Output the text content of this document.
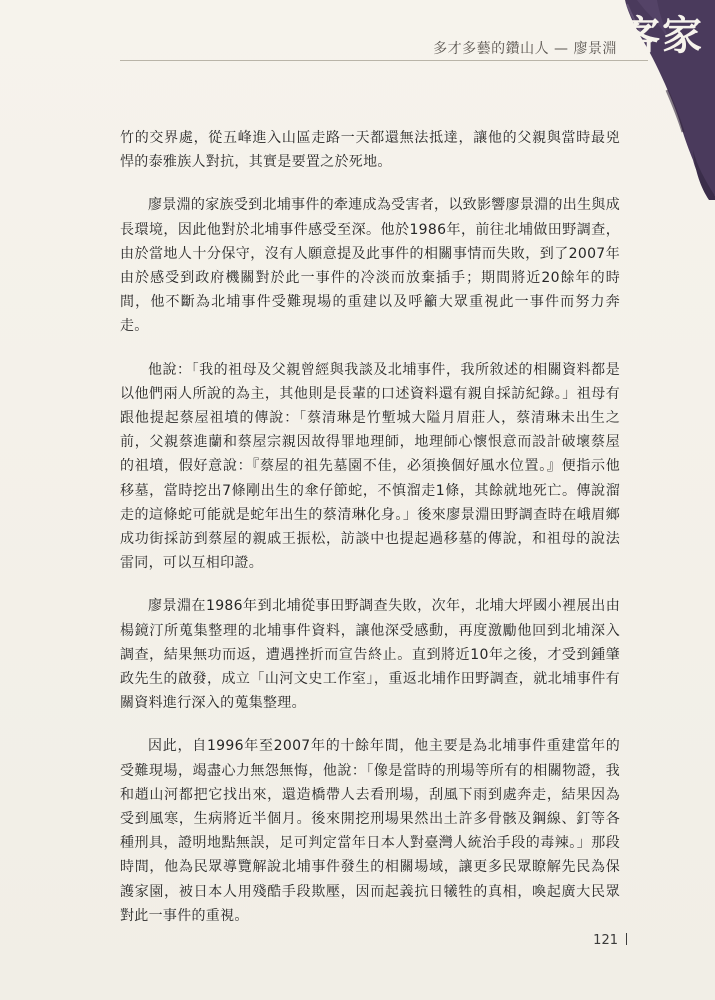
客家
多才多藝的鑽山人 — 廖景淵

竹的交界處，從五峰進入山區走路一天都還無法抵達，讓他的父親與當時最兇悍的泰雅族人對抗，其實是要置之於死地。

廖景淵的家族受到北埔事件的牽連成為受害者，以致影響廖景淵的出生與成長環境，因此他對於北埔事件感受至深。他於1986年，前往北埔做田野調查，由於當地人十分保守，沒有人願意提及此事件的相關事情而失敗，到了2007年由於感受到政府機關對於此一事件的冷淡而放棄插手；期間將近20餘年的時間，他不斷為北埔事件受難現場的重建以及呼籲大眾重視此一事件而努力奔走。

他說：「我的祖母及父親曾經與我談及北埔事件，我所敘述的相關資料都是以他們兩人所說的為主，其他則是長輩的口述資料還有親自採訪紀錄。」祖母有跟他提起蔡屋祖墳的傳說：「蔡清琳是竹塹城大隘月眉莊人，蔡清琳未出生之前，父親蔡進蘭和蔡屋宗親因故得罪地理師，地理師心懷恨意而設計破壞蔡屋的祖墳，假好意說：『蔡屋的祖先墓園不佳，必須換個好風水位置。』便指示他移墓，當時挖出7條剛出生的傘仔節蛇，不慎溜走1條，其餘就地死亡。傳說溜走的這條蛇可能就是蛇年出生的蔡清琳化身。」後來廖景淵田野調查時在峨眉鄉成功街採訪到蔡屋的親戚王振松，訪談中也提起過移墓的傳說，和祖母的說法雷同，可以互相印證。

廖景淵在1986年到北埔從事田野調查失敗，次年，北埔大坪國小裡展出由楊鏡汀所蒐集整理的北埔事件資料，讓他深受感動，再度激勵他回到北埔深入調查，結果無功而返，遭遇挫折而宣告終止。直到將近10年之後，才受到鍾肇政先生的啟發，成立「山河文史工作室」，重返北埔作田野調查，就北埔事件有關資料進行深入的蒐集整理。

因此，自1996年至2007年的十餘年間，他主要是為北埔事件重建當年的受難現場，竭盡心力無怨無悔，他說：「像是當時的刑場等所有的相關物證，我和趙山河都把它找出來，還造橋帶人去看刑場，刮風下雨到處奔走，結果因為受到風寒，生病將近半個月。後來開挖刑場果然出土許多骨骸及鋼線、釘等各種刑具，證明地點無誤，足可判定當年日本人對臺灣人統治手段的毒辣。」那段時間，他為民眾導覽解說北埔事件發生的相關場域，讓更多民眾瞭解先民為保護家園，被日本人用殘酷手段欺壓，因而起義抗日犧牲的真相，喚起廣大民眾對此一事件的重視。

121
